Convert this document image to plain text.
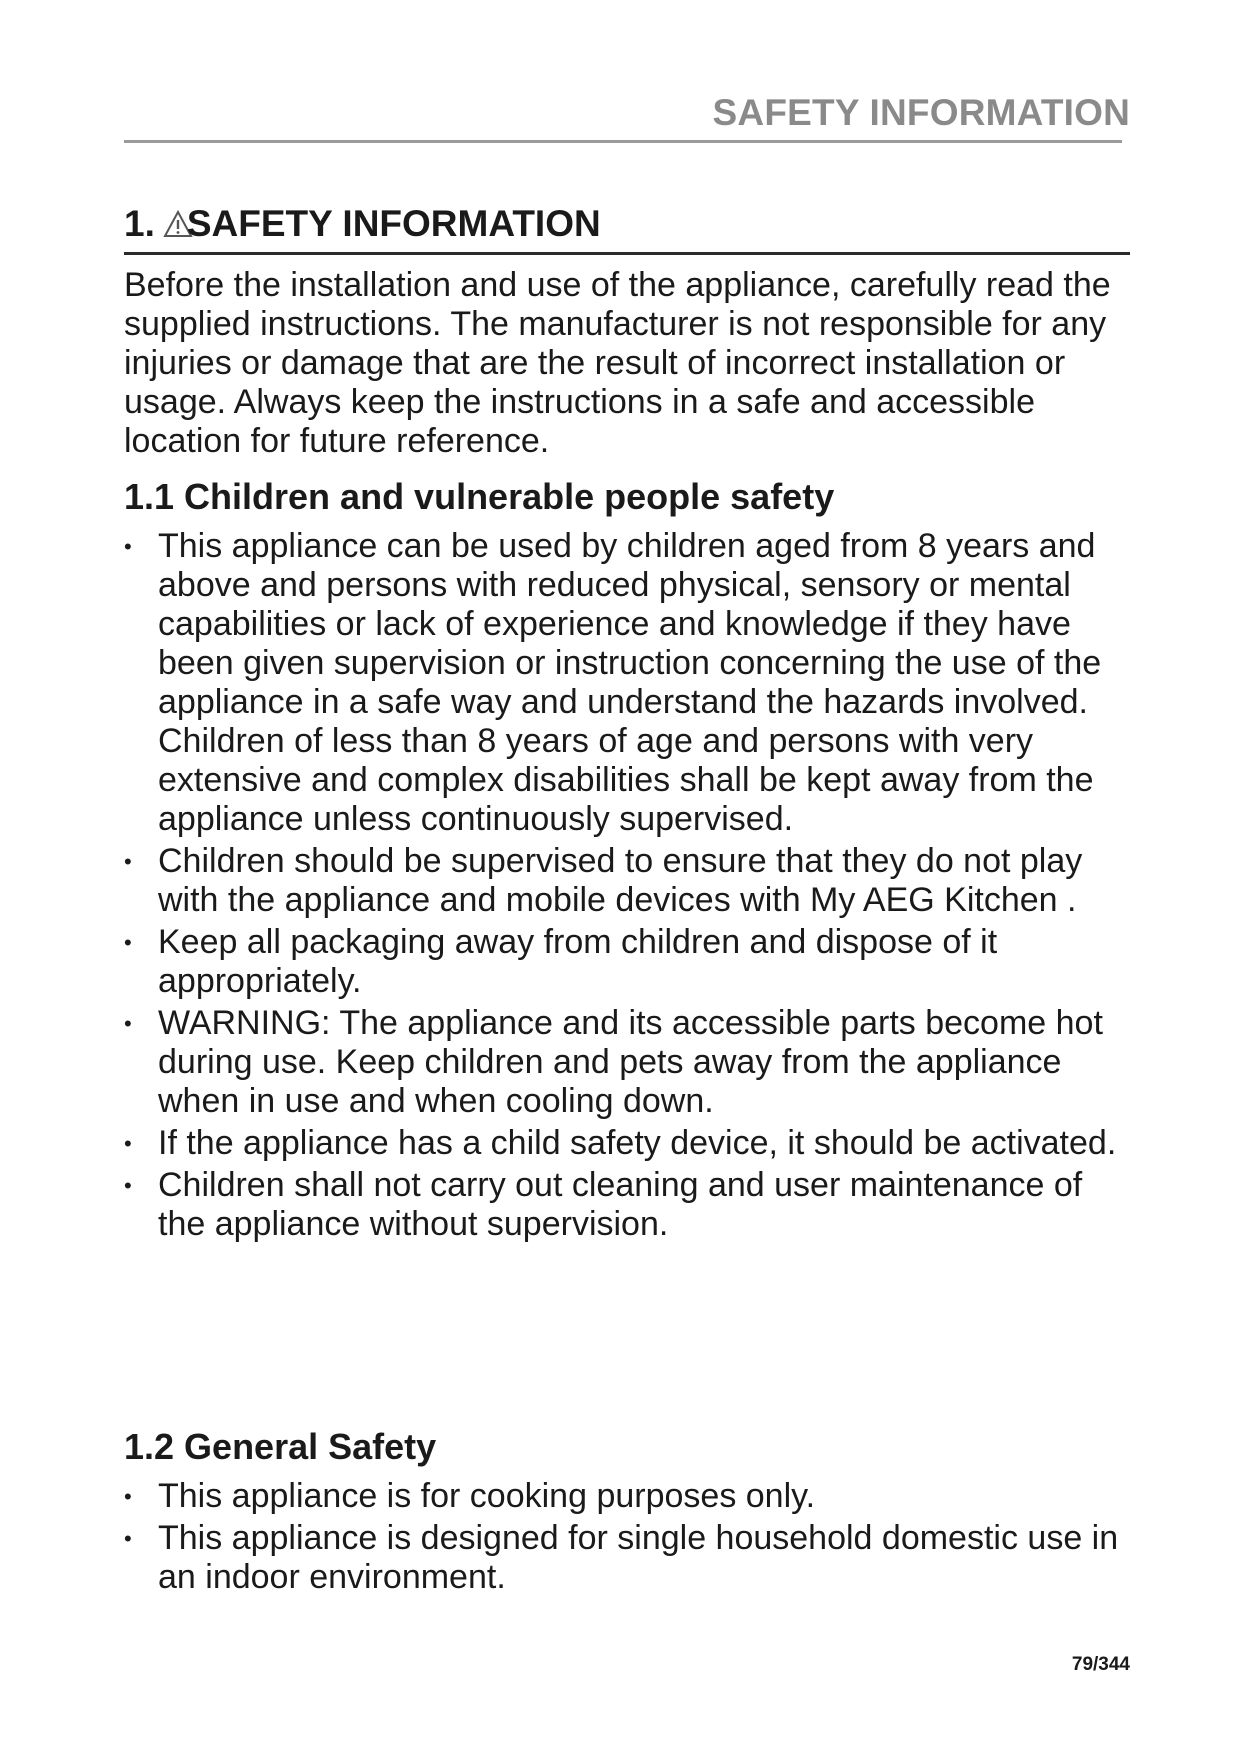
SAFETY INFORMATION
1. SAFETY INFORMATION
Before the installation and use of the appliance, carefully read the supplied instructions. The manufacturer is not responsible for any injuries or damage that are the result of incorrect installation or usage. Always keep the instructions in a safe and accessible location for future reference.
1.1 Children and vulnerable people safety
• This appliance can be used by children aged from 8 years and above and persons with reduced physical, sensory or mental capabilities or lack of experience and knowledge if they have been given supervision or instruction concerning the use of the appliance in a safe way and understand the hazards involved. Children of less than 8 years of age and persons with very extensive and complex disabilities shall be kept away from the appliance unless continuously supervised.
• Children should be supervised to ensure that they do not play with the appliance and mobile devices with My AEG Kitchen .
• Keep all packaging away from children and dispose of it appropriately.
• WARNING: The appliance and its accessible parts become hot during use. Keep children and pets away from the appliance when in use and when cooling down.
• If the appliance has a child safety device, it should be activated.
• Children shall not carry out cleaning and user maintenance of the appliance without supervision.
1.2 General Safety
• This appliance is for cooking purposes only.
• This appliance is designed for single household domestic use in an indoor environment.
79/344
